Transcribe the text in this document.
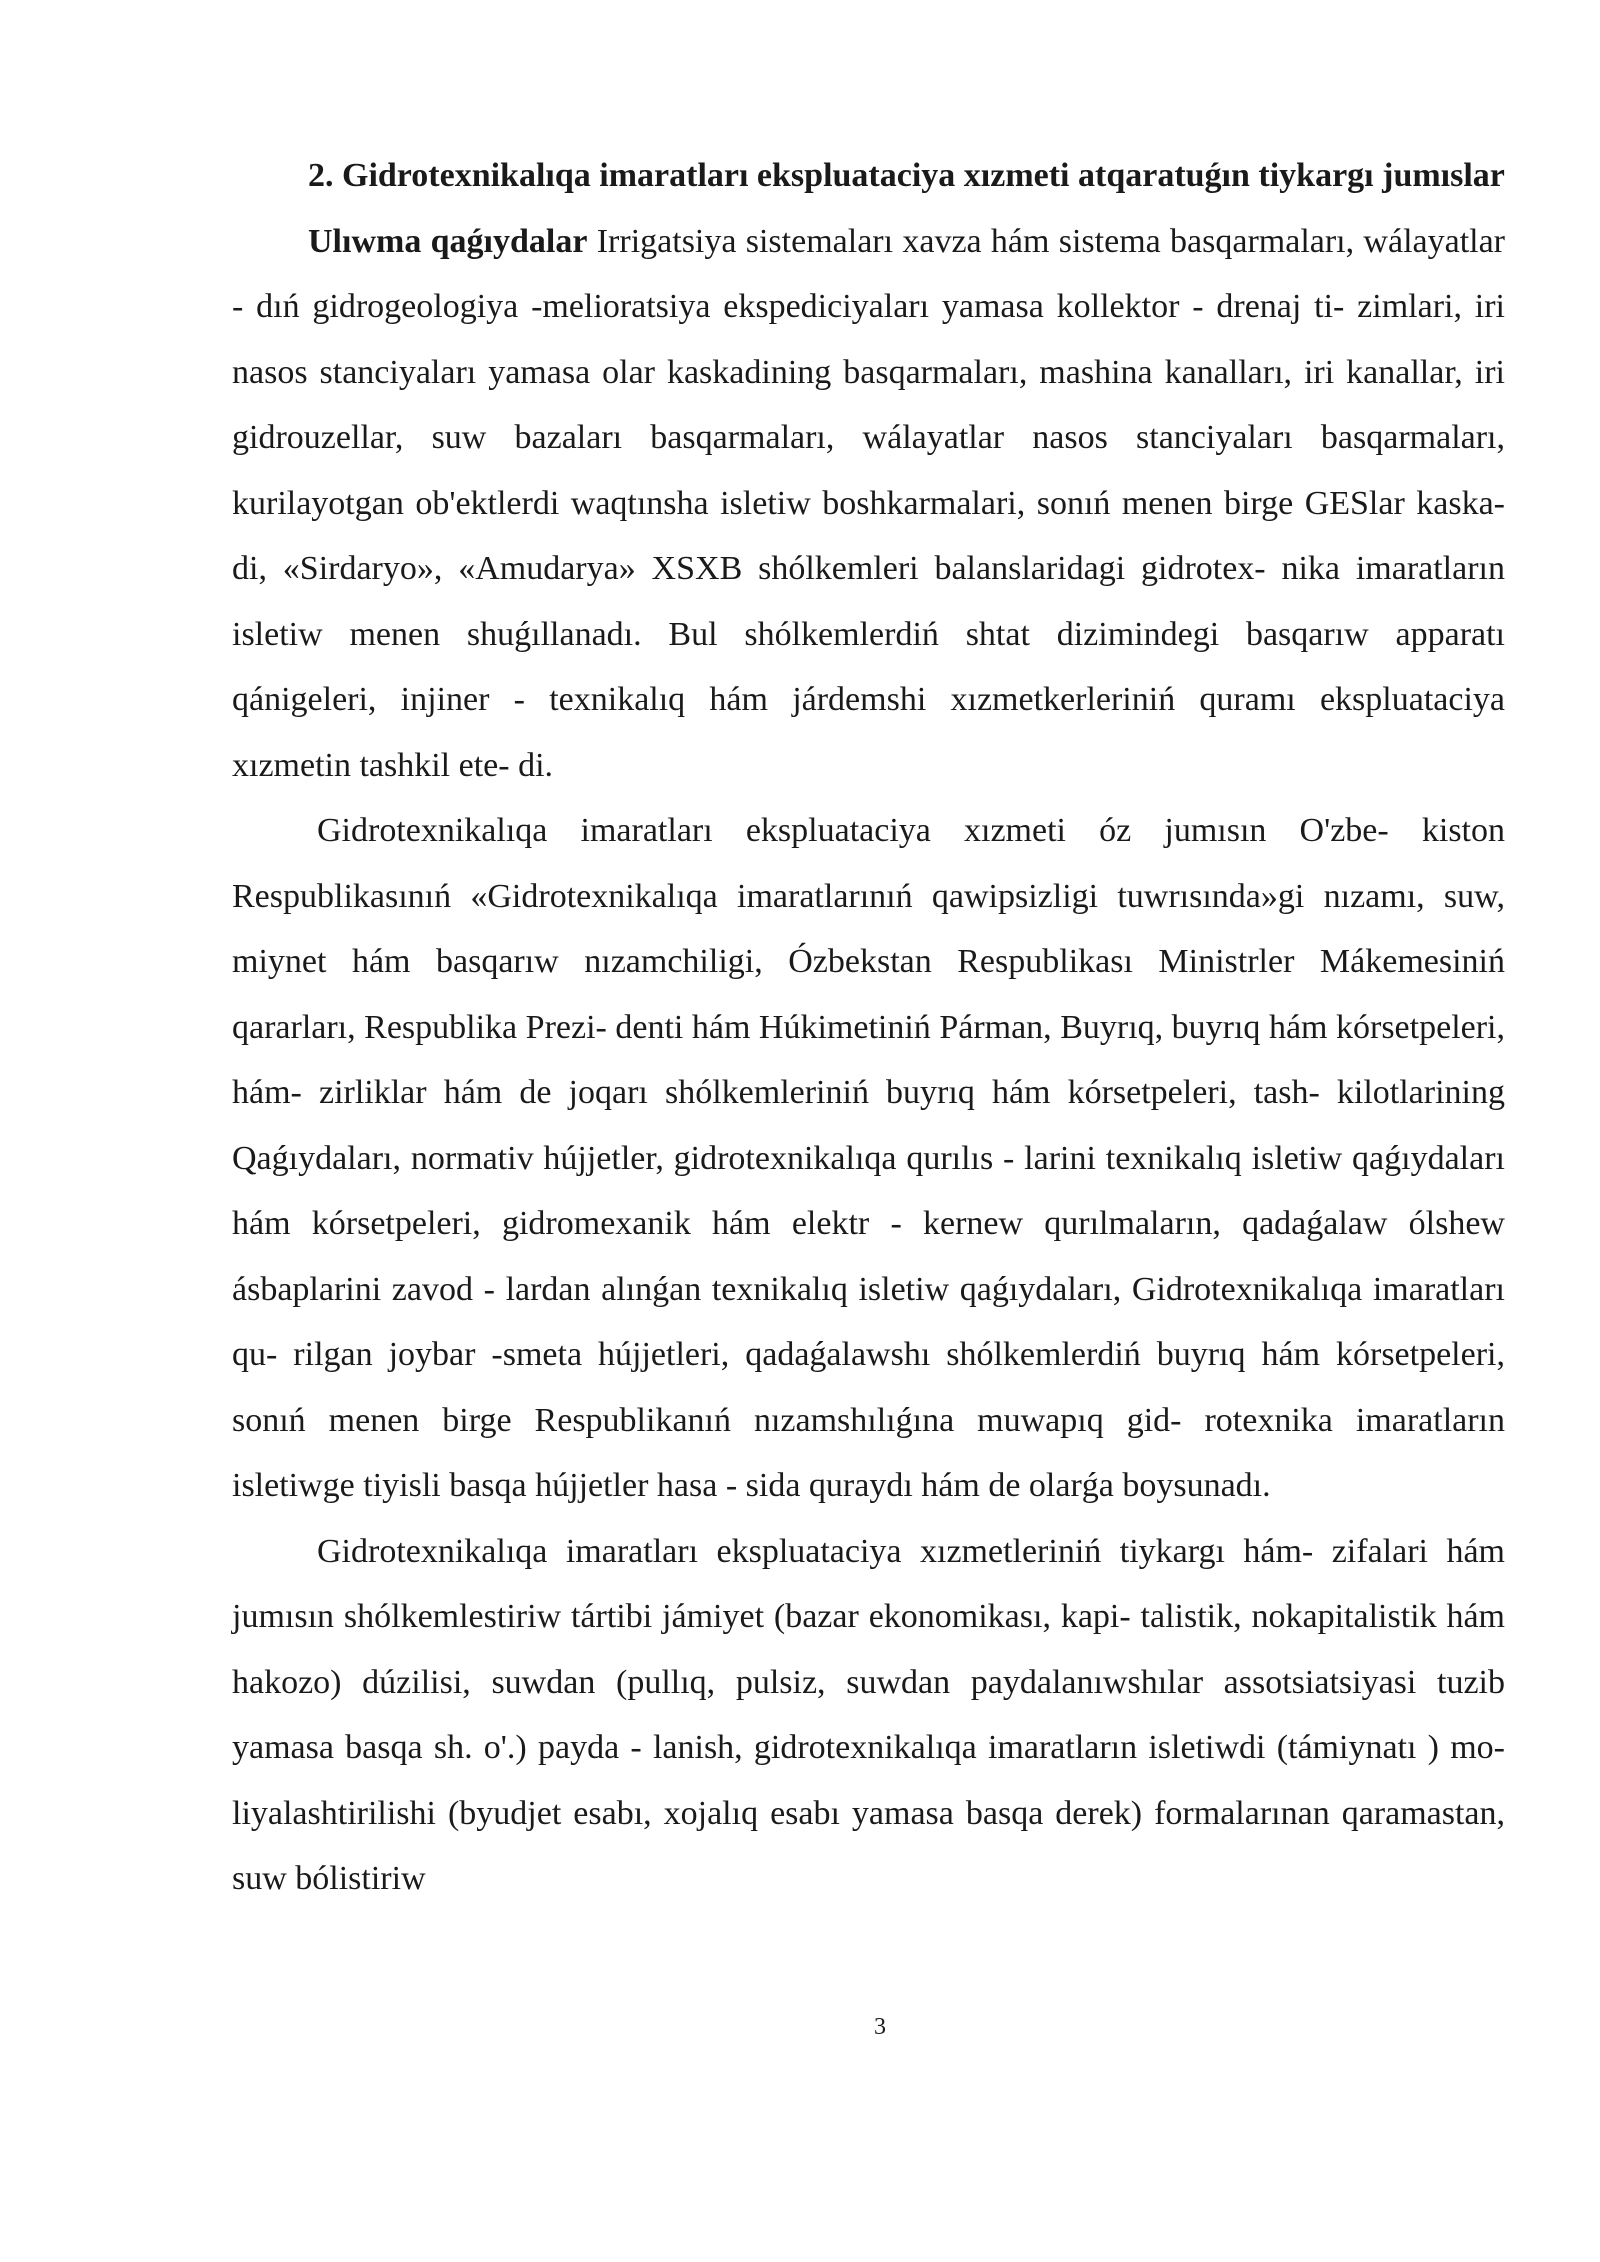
2. Gidrotexnikalıqa imaratları ekspluataciya xızmeti atqaratuǵın tiykargı jumıslar

Ulıwma qaǵıydalar Irrigatsiya sistemaları xavza hám sistema basqarmaları, wálayatlar - dıń gidrogeologiya -melioratsiya ekspediciyaları yamasa kollektor - drenaj ti- zimlari, iri nasos stanciyaları yamasa olar kaskadining basqarmaları, mashina kanalları, iri kanallar, iri gidrouzellar, suw bazaları basqarmaları, wálayatlar nasos stanciyaları basqarmaları, kurilayotgan ob'ektlerdi waqtınsha isletiw boshkarmalari, sonıń menen birge GESlar kaska- di, «Sirdaryo», «Amudarya» XSXB shólkemleri balanslaridagi gidrotex- nika imaratların isletiw menen shuǵıllanadı. Bul shólkemlerdiń shtat dizimindegi basqarıw apparatı qánigeleri, injiner - texnikalıq hám járdemshi xızmetkerleriniń quramı ekspluataciya xızmetin tashkil ete- di.

Gidrotexnikalıqa imaratları ekspluataciya xızmeti óz jumısın O'zbe- kiston Respublikasınıń «Gidrotexnikalıqa imaratlarınıń qawipsizligi tuwrısında»gi nızamı, suw, miynet hám basqarıw nızamchiligi, Ózbekstan Respublikası Ministrler Mákemesiniń qararları, Respublika Prezi- denti hám Húkimetiniń Párman, Buyrıq, buyrıq hám kórsetpeleri, hám- zirliklar hám de joqarı shólkemleriniń buyrıq hám kórsetpeleri, tash- kilotlarining Qaǵıydaları, normativ hújjetler, gidrotexnikalıqa qurılıs - larini texnikalıq isletiw qaǵıydaları hám kórsetpeleri, gidromexanik hám elektr - kernew qurılmaların, qadaǵalaw ólshew ásbaplarini zavod - lardan alınǵan texnikalıq isletiw qaǵıydaları, Gidrotexnikalıqa imaratları qu- rilgan joybar -smeta hújjetleri, qadaǵalawshı shólkemlerdiń buyrıq hám kórsetpeleri, sonıń menen birge Respublikanıń nızamshılıǵına muwapıq gid- rotexnika imaratların isletiwge tiyisli basqa hújjetler hasa - sida quraydı hám de olarǵa boysunadı.

Gidrotexnikalıqa imaratları ekspluataciya xızmetleriniń tiykargı hám- zifalari hám jumısın shólkemlestiriw tártibi jámiyet (bazar ekonomikası, kapi- talistik, nokapitalistik hám hakozo) dúzilisi, suwdan (pullıq, pulsiz, suwdan paydalanıwshılar assotsiatsiyasi tuzib yamasa basqa sh. o'.) payda - lanish, gidrotexnikalıqa imaratların isletiwdi (támiynatı ) mo- liyalashtirilishi (byudjet esabı, xojalıq esabı yamasa basqa derek) formalarınan qaramastan, suw bólistiriw

3
